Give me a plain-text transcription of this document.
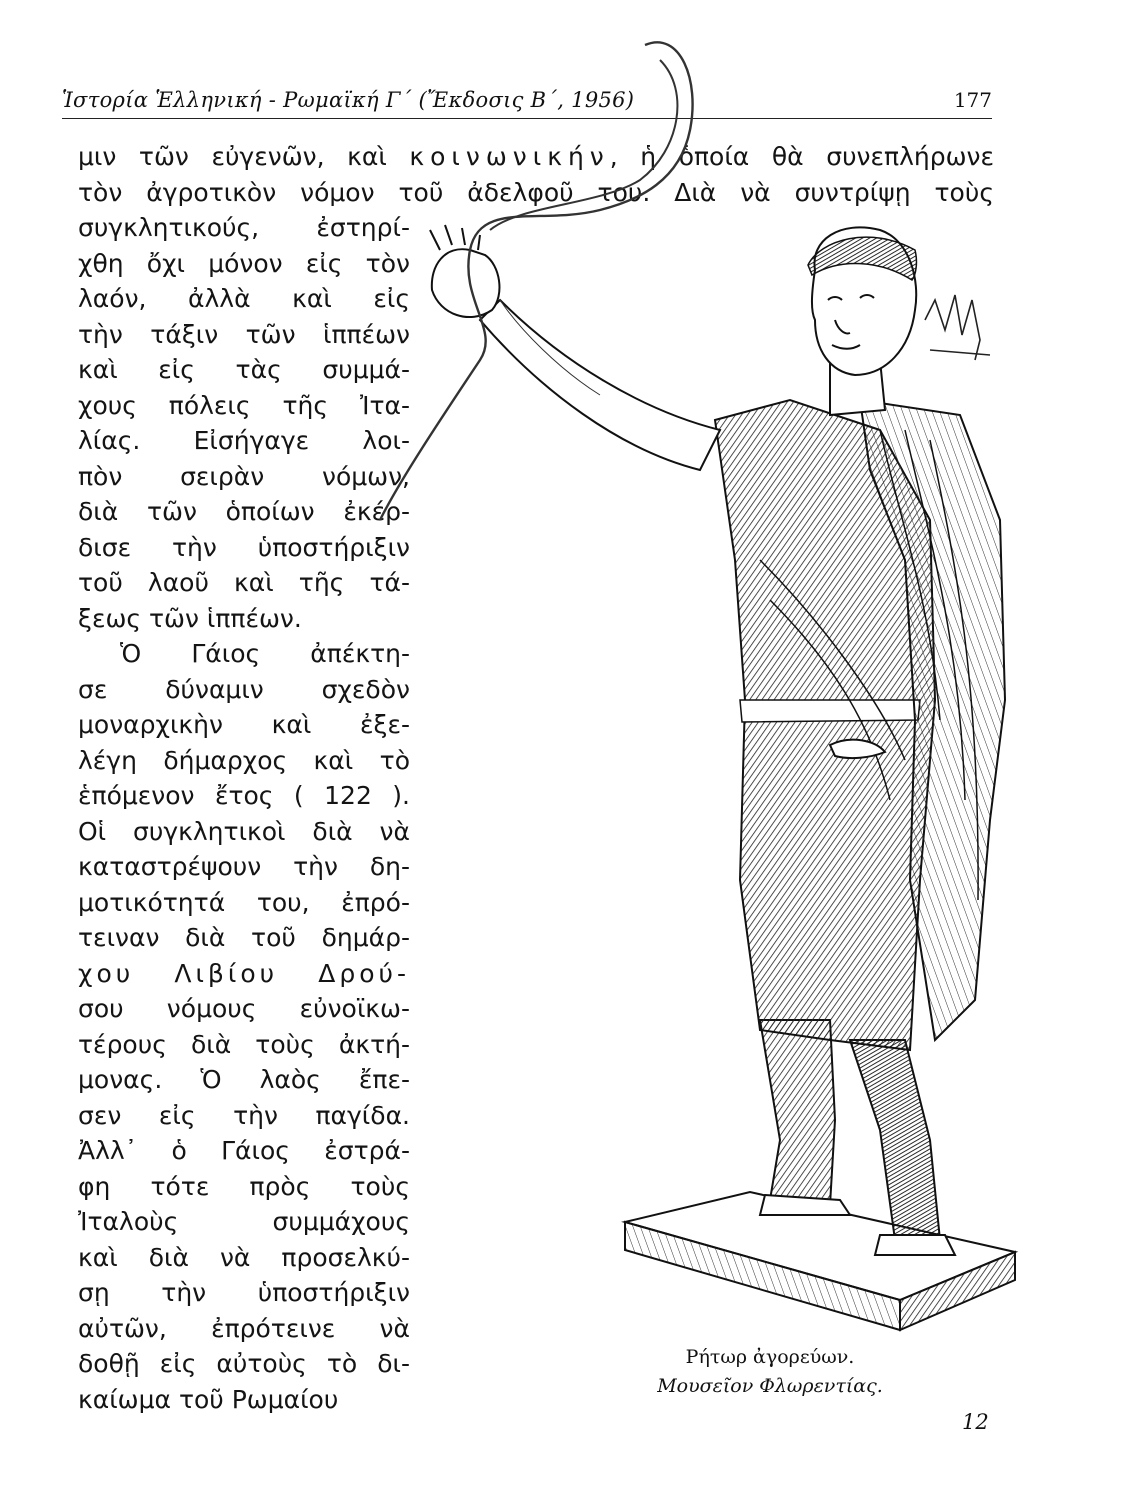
Ἱστορία Ἑλληνική - Ρωμαϊκή Γ΄ (Ἔκδοσις Β΄, 1956)	177
μιν τῶν εὐγενῶν, καὶ κοινωνικήν, ἡ ὁποία θὰ συνεπλήρωνε
τὸν ἀγροτικὸν νόμον τοῦ ἀδελφοῦ του. Διὰ νὰ συντρίψῃ τοὺς
συγκλητικούς, ἐστηρί-
χθη ὄχι μόνον εἰς τὸν
λαόν, ἀλλὰ καὶ εἰς
τὴν τάξιν τῶν ἱππέων
καὶ εἰς τὰς συμμά-
χους πόλεις τῆς Ἰτα-
λίας. Εἰσήγαγε λοι-
πὸν σειρὰν νόμων,
διὰ τῶν ὁποίων ἐκέρ-
δισε τὴν ὑποστήριξιν
τοῦ λαοῦ καὶ τῆς τά-
ξεως τῶν ἱππέων.
Ὁ Γάιος ἀπέκτη-
σε δύναμιν σχεδὸν
μοναρχικὴν καὶ ἐξε-
λέγη δήμαρχος καὶ τὸ
ἑπόμενον ἔτος ( 122 ).
Οἱ συγκλητικοὶ διὰ νὰ
καταστρέψουν τὴν δη-
μοτικότητά του, ἐπρό-
τειναν διὰ τοῦ δημάρ-
χου Λιβίου Δρού-
σου νόμους εὐνοϊκω-
τέρους διὰ τοὺς ἀκτή-
μονας. Ὁ λαὸς ἔπε-
σεν εἰς τὴν παγίδα.
Ἀλλ᾽ ὁ Γάιος ἐστρά-
φη τότε πρὸς τοὺς
Ἰταλοὺς συμμάχους
καὶ διὰ νὰ προσελκύ-
σῃ τὴν ὑποστήριξιν
αὐτῶν, ἐπρότεινε νὰ
δοθῇ εἰς αὐτοὺς τὸ δι-
καίωμα τοῦ Ρωμαίου
Ρήτωρ ἀγορεύων.
Μουσεῖον Φλωρεντίας.
12
